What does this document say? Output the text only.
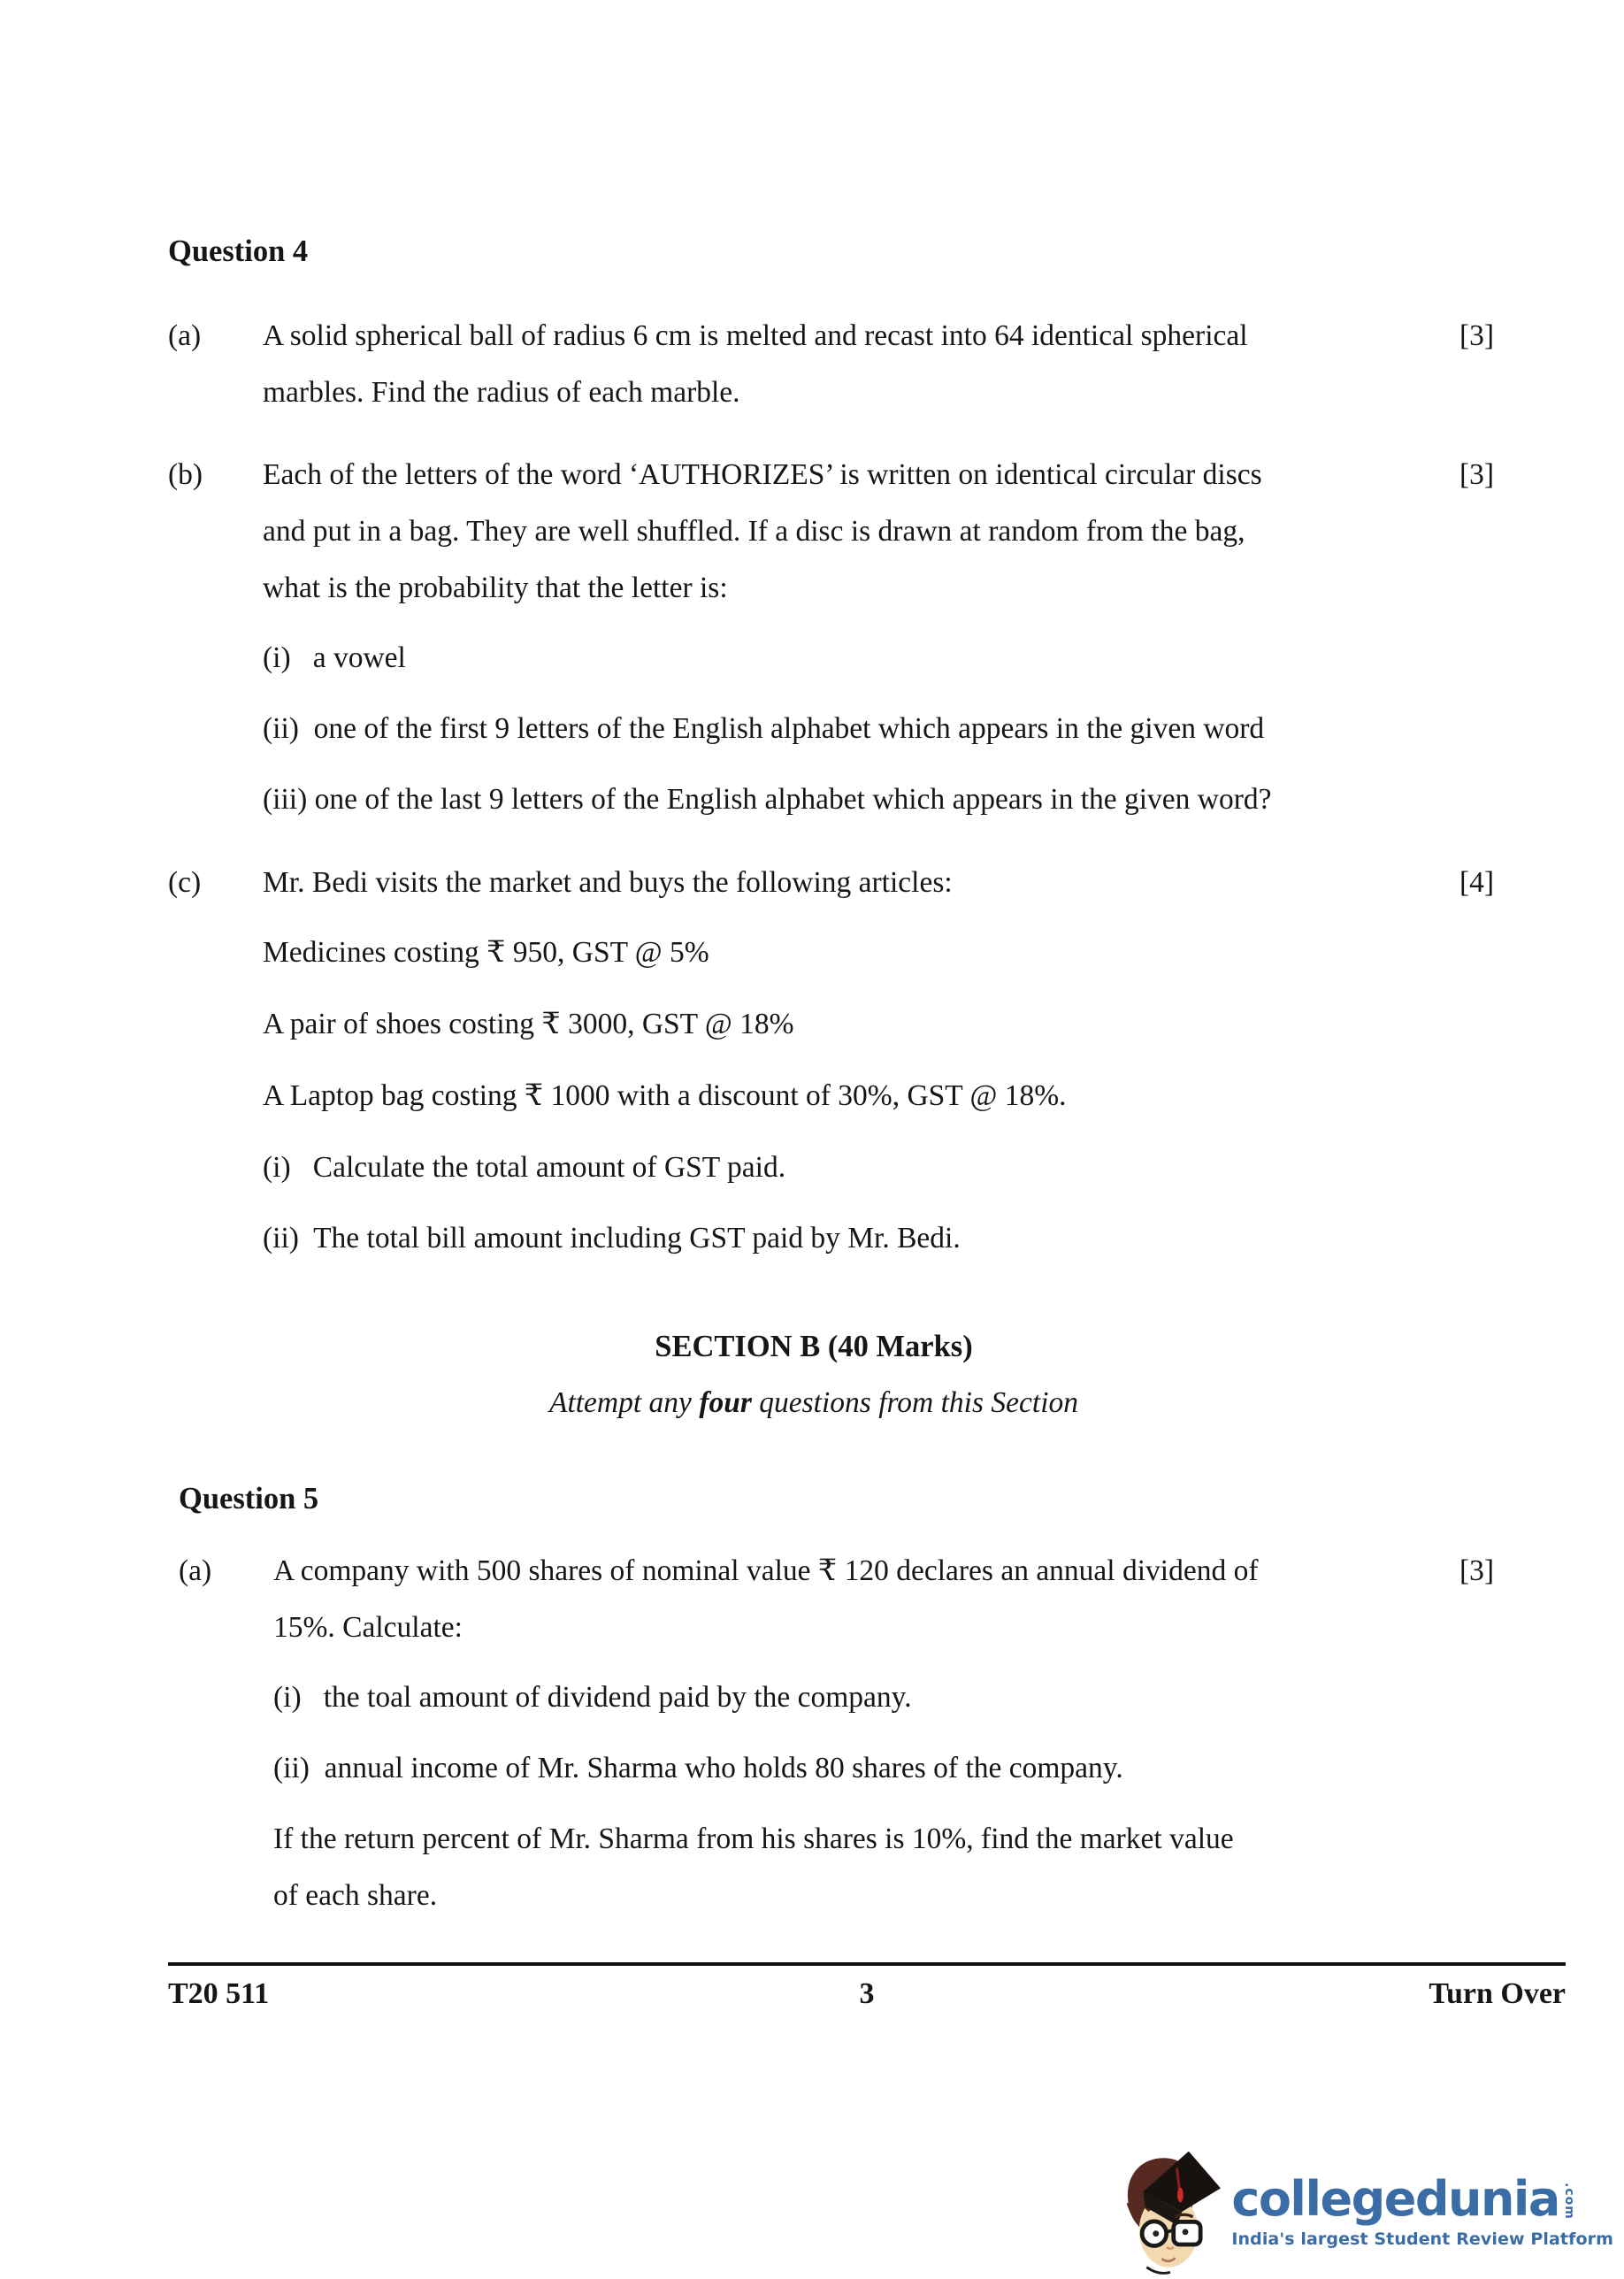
Question 4
(a)	A solid spherical ball of radius 6 cm is melted and recast into 64 identical spherical

marbles. Find the radius of each marble.

[3]
(b)	Each of the letters of the word ‘AUTHORIZES’ is written on identical circular discs

and put in a bag. They are well shuffled. If a disc is drawn at random from the bag,

what is the probability that the letter is:

(i)   a vowel

(ii)  one of the first 9 letters of the English alphabet which appears in the given word

(iii) one of the last 9 letters of the English alphabet which appears in the given word?

[3]
(c)	Mr. Bedi visits the market and buys the following articles:

Medicines costing ₹ 950, GST @ 5%

A pair of shoes costing ₹ 3000, GST @ 18%

A Laptop bag costing ₹ 1000 with a discount of 30%, GST @ 18%.

(i)   Calculate the total amount of GST paid.

(ii)  The total bill amount including GST paid by Mr. Bedi.

[4]
SECTION B (40 Marks)
Attempt any four questions from this Section
Question 5
(a)	A company with 500 shares of nominal value ₹ 120 declares an annual dividend of

15%. Calculate:

(i)   the toal amount of dividend paid by the company.

(ii)  annual income of Mr. Sharma who holds 80 shares of the company.

If the return percent of Mr. Sharma from his shares is 10%, find the market value

of each share.

[3]
T20 511	3	Turn Over
collegedunia .com
India's largest Student Review Platform
